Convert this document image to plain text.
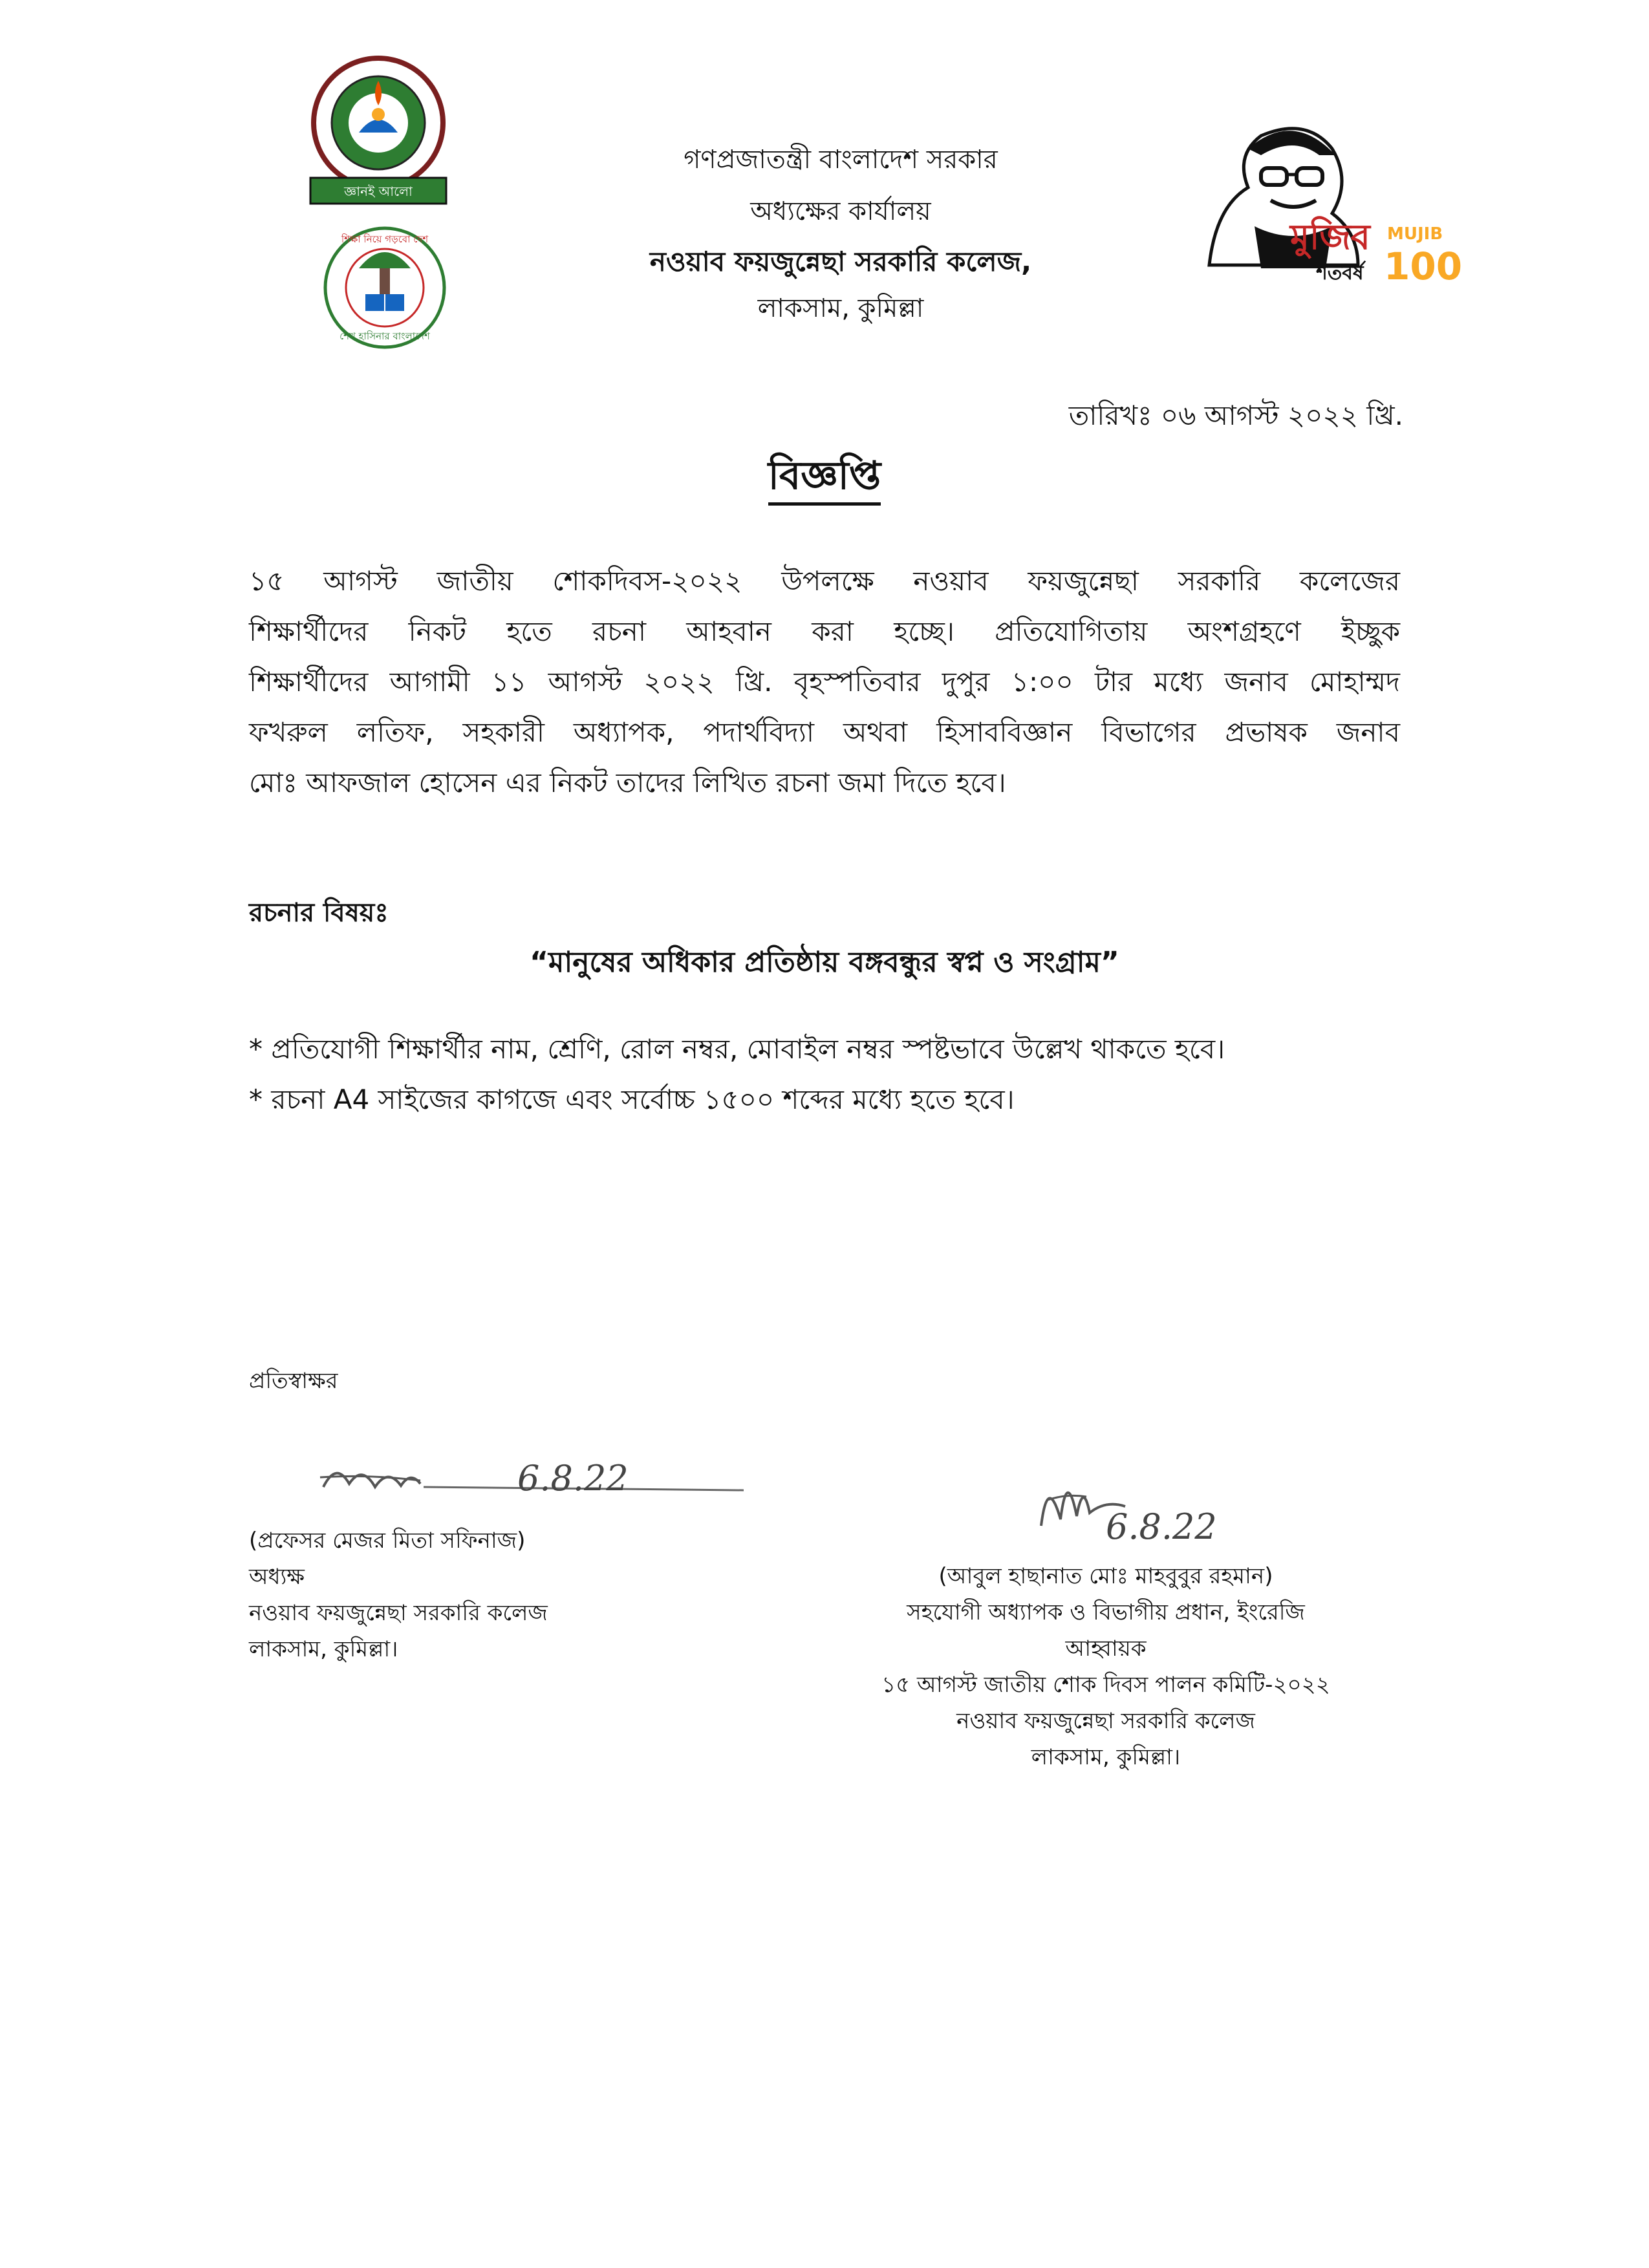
জ্ঞানই আলো
শিক্ষা নিয়ে গড়বো দেশ
শেখ হাসিনার বাংলাদেশ
মুজিব
শতবর্ষ
MUJIB
100
গণপ্রজাতন্ত্রী বাংলাদেশ সরকার
অধ্যক্ষের কার্যালয়
নওয়াব ফয়জুন্নেছা সরকারি কলেজ,
লাকসাম, কুমিল্লা
তারিখঃ ০৬ আগস্ট ২০২২ খ্রি.
বিজ্ঞপ্তি
১৫ আগস্ট জাতীয় শোকদিবস-২০২২ উপলক্ষে নওয়াব ফয়জুন্নেছা সরকারি কলেজের
শিক্ষার্থীদের নিকট হতে রচনা আহবান করা হচ্ছে। প্রতিযোগিতায় অংশগ্রহণে ইচ্ছুক
শিক্ষার্থীদের আগামী ১১ আগস্ট ২০২২ খ্রি. বৃহস্পতিবার দুপুর ১:০০ টার মধ্যে জনাব মোহাম্মদ
ফখরুল লতিফ, সহকারী অধ্যাপক, পদার্থবিদ্যা অথবা হিসাববিজ্ঞান বিভাগের প্রভাষক জনাব
মোঃ আফজাল হোসেন এর নিকট তাদের লিখিত রচনা জমা দিতে হবে।
রচনার বিষয়ঃ
“মানুষের অধিকার প্রতিষ্ঠায় বঙ্গবন্ধুর স্বপ্ন ও সংগ্রাম”
* প্রতিযোগী শিক্ষার্থীর নাম, শ্রেণি, রোল নম্বর, মোবাইল নম্বর স্পষ্টভাবে উল্লেখ থাকতে হবে।
* রচনা A4 সাইজের কাগজে এবং সর্বোচ্চ ১৫০০ শব্দের মধ্যে হতে হবে।
প্রতিস্বাক্ষর
6.8.22
(প্রফেসর মেজর মিতা সফিনাজ)
অধ্যক্ষ
নওয়াব ফয়জুন্নেছা সরকারি কলেজ
লাকসাম, কুমিল্লা।
6.8.22
(আবুল হাছানাত মোঃ মাহবুবুর রহমান)
সহযোগী অধ্যাপক ও বিভাগীয় প্রধান, ইংরেজি
আহ্বায়ক
১৫ আগস্ট জাতীয় শোক দিবস পালন কমিটি-২০২২
নওয়াব ফয়জুন্নেছা সরকারি কলেজ
লাকসাম, কুমিল্লা।
